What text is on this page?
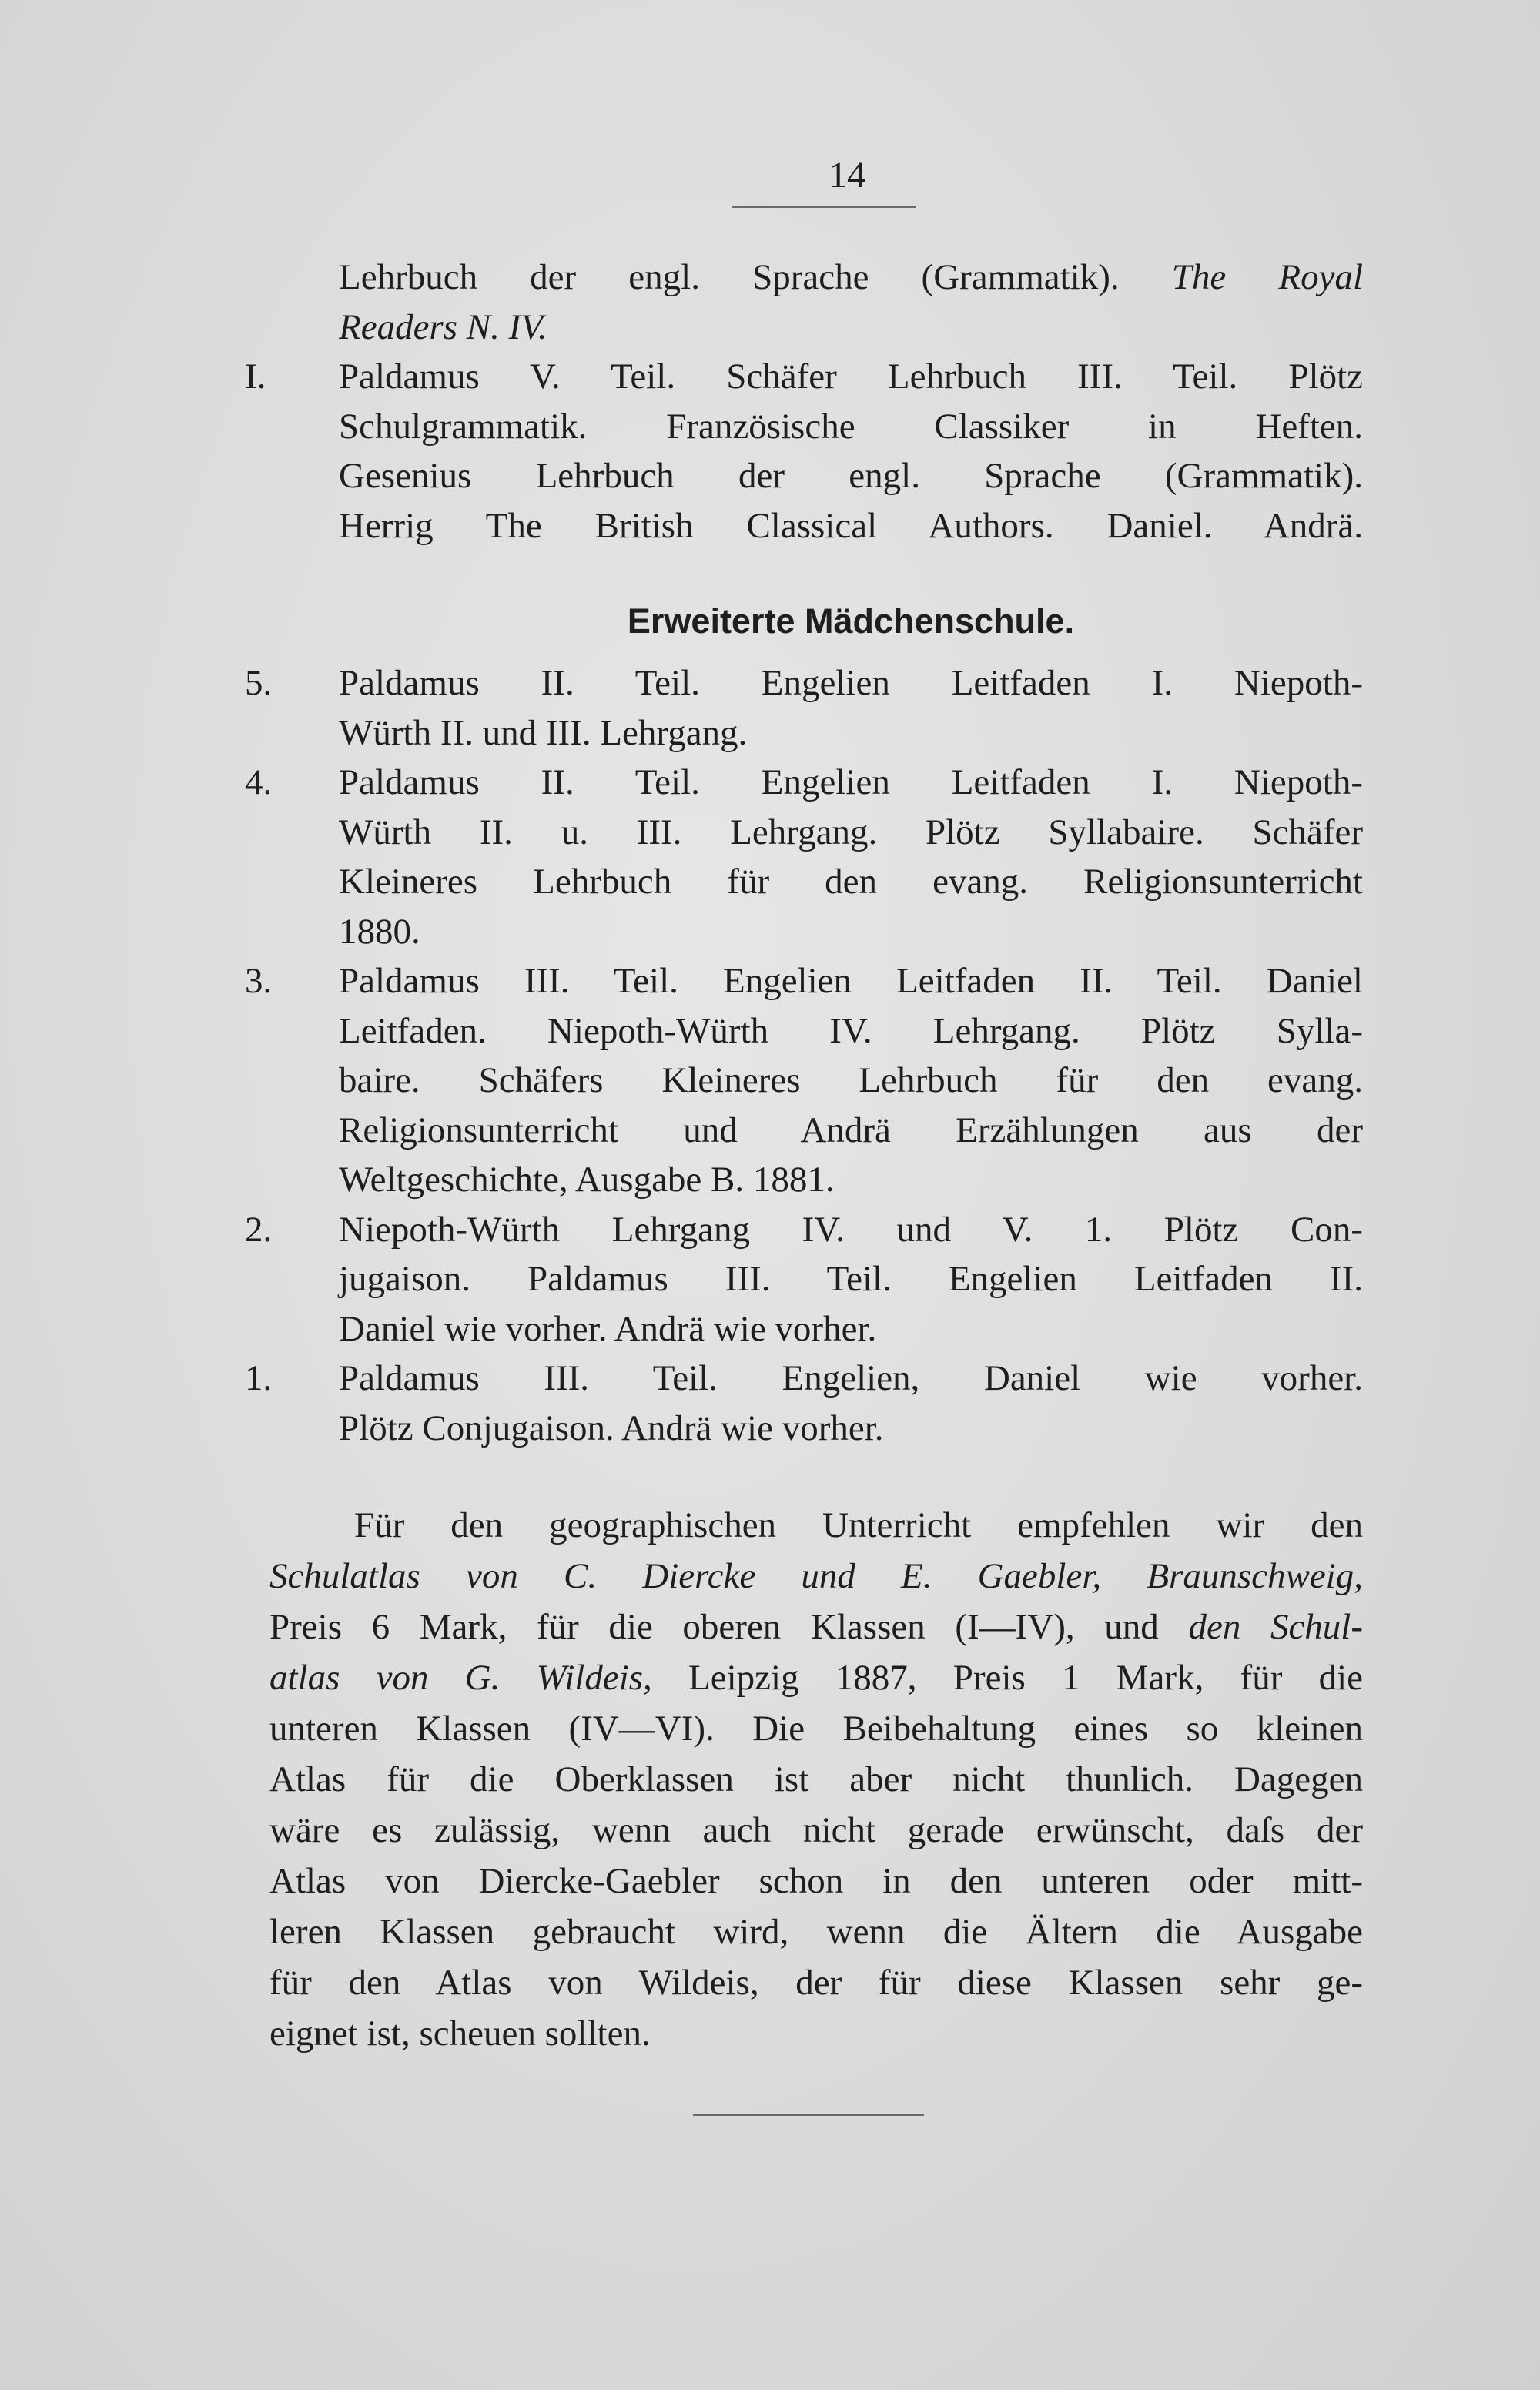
14
Lehrbuch der engl. Sprache (Grammatik). The Royal
Readers N. IV.
I.	Paldamus V. Teil. Schäfer Lehrbuch III. Teil. Plötz
Schulgrammatik. Französische Classiker in Heften.
Gesenius Lehrbuch der engl. Sprache (Grammatik).
Herrig The British Classical Authors. Daniel. Andrä.
Erweiterte Mädchenschule.
5.	Paldamus II. Teil. Engelien Leitfaden I. Niepoth-
Würth II. und III. Lehrgang.
4.	Paldamus II. Teil. Engelien Leitfaden I. Niepoth-
Würth II. u. III. Lehrgang. Plötz Syllabaire. Schäfer
Kleineres Lehrbuch für den evang. Religionsunterricht
1880.
3.	Paldamus III. Teil. Engelien Leitfaden II. Teil. Daniel
Leitfaden. Niepoth-Würth IV. Lehrgang. Plötz Sylla-
baire. Schäfers Kleineres Lehrbuch für den evang.
Religionsunterricht und Andrä Erzählungen aus der
Weltgeschichte, Ausgabe B. 1881.
2.	Niepoth-Würth Lehrgang IV. und V. 1. Plötz Con-
jugaison. Paldamus III. Teil. Engelien Leitfaden II.
Daniel wie vorher. Andrä wie vorher.
1.	Paldamus III. Teil. Engelien, Daniel wie vorher.
Plötz Conjugaison. Andrä wie vorher.
Für den geographischen Unterricht empfehlen wir den
Schulatlas von C. Diercke und E. Gaebler, Braunschweig,
Preis 6 Mark, für die oberen Klassen (I—IV), und den Schul-
atlas von G. Wildeis, Leipzig 1887, Preis 1 Mark, für die
unteren Klassen (IV—VI). Die Beibehaltung eines so kleinen
Atlas für die Oberklassen ist aber nicht thunlich. Dagegen
wäre es zulässig, wenn auch nicht gerade erwünscht, daſs der
Atlas von Diercke-Gaebler schon in den unteren oder mitt-
leren Klassen gebraucht wird, wenn die Ältern die Ausgabe
für den Atlas von Wildeis, der für diese Klassen sehr ge-
eignet ist, scheuen sollten.
